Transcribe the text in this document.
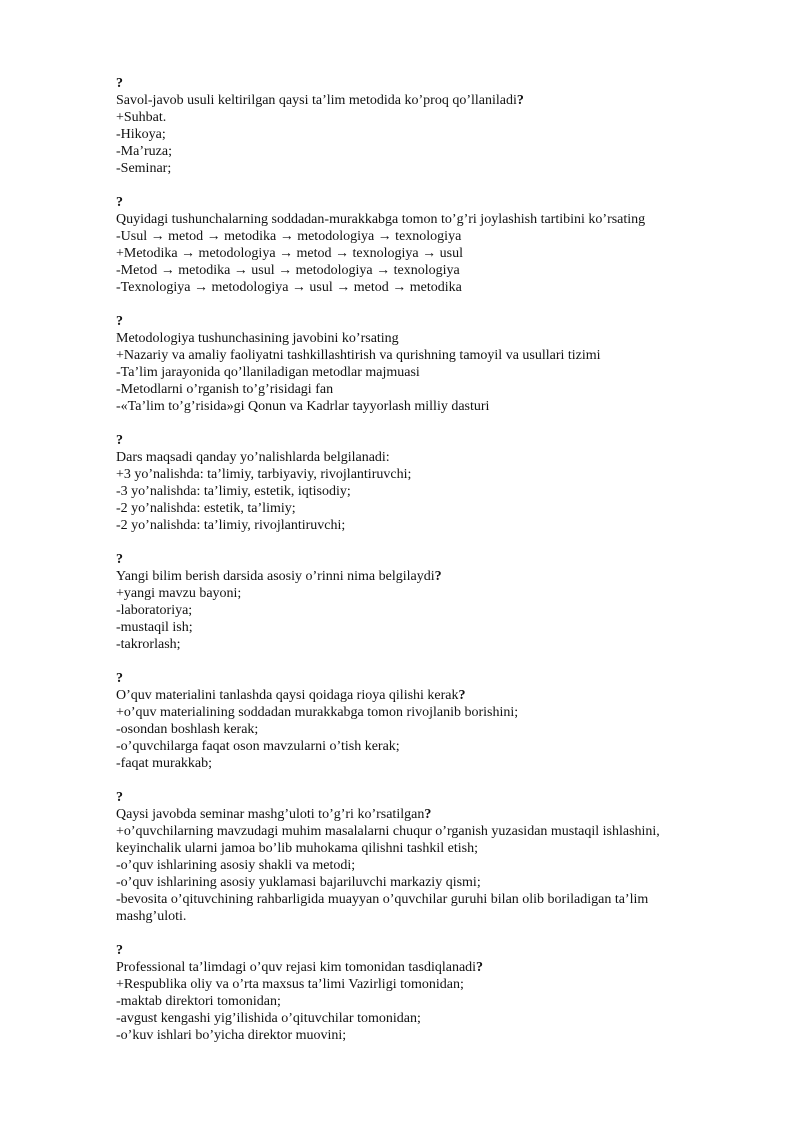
?

Savol-javob usuli keltirilgan qaysi ta’lim metodida ko’proq qo’llaniladi?

+Suhbat.

-Hikoya;

-Ma’ruza;

-Seminar;

?

Quyidagi tushunchalarning soddadan-murakkabga tomon to’g’ri joylashish tartibini ko’rsating

-Usul → metod → metodika → metodologiya → texnologiya

+Metodika → metodologiya → metod → texnologiya → usul

-Metod → metodika → usul → metodologiya → texnologiya

-Texnologiya → metodologiya → usul → metod → metodika

?

Metodologiya tushunchasining javobini ko’rsating

+Nazariy va amaliy faoliyatni tashkillashtirish va qurishning tamoyil va usullari tizimi

-Ta’lim jarayonida qo’llaniladigan metodlar majmuasi

-Metodlarni o’rganish to’g’risidagi fan

-«Ta’lim to’g’risida»gi Qonun va Kadrlar tayyorlash milliy dasturi

?

Dars maqsadi qanday yo’nalishlarda belgilanadi:

+3 yo’nalishda: ta’limiy, tarbiyaviy, rivojlantiruvchi;

-3 yo’nalishda: ta’limiy, estetik, iqtisodiy;

-2 yo’nalishda: estetik, ta’limiy;

-2 yo’nalishda: ta’limiy, rivojlantiruvchi;

?

Yangi bilim berish darsida asosiy o’rinni nima belgilaydi?

+yangi mavzu bayoni;

-laboratoriya;

-mustaqil ish;

-takrorlash;

?

O’quv materialini tanlashda qaysi qoidaga rioya qilishi kerak?

+o’quv materialining soddadan murakkabga tomon rivojlanib borishini;

-osondan boshlash kerak;

-o’quvchilarga faqat oson mavzularni o’tish kerak;

-faqat murakkab;

?

Qaysi javobda seminar mashg’uloti to’g’ri ko’rsatilgan?

+o’quvchilarning mavzudagi muhim masalalarni chuqur o’rganish yuzasidan mustaqil ishlashini,

keyinchalik ularni jamoa bo’lib muhokama qilishni tashkil etish;

-o’quv ishlarining asosiy shakli va metodi;

-o’quv ishlarining asosiy yuklamasi bajariluvchi markaziy qismi;

-bevosita o’qituvchining rahbarligida muayyan o’quvchilar guruhi bilan olib boriladigan ta’lim

mashg’uloti.

?

Professional ta’limdagi o’quv rejasi kim tomonidan tasdiqlanadi?

+Respublika oliy va o’rta maxsus ta’limi Vazirligi tomonidan;

-maktab direktori tomonidan;

-avgust kengashi yig’ilishida o’qituvchilar tomonidan;

-o’kuv ishlari bo’yicha direktor muovini;
